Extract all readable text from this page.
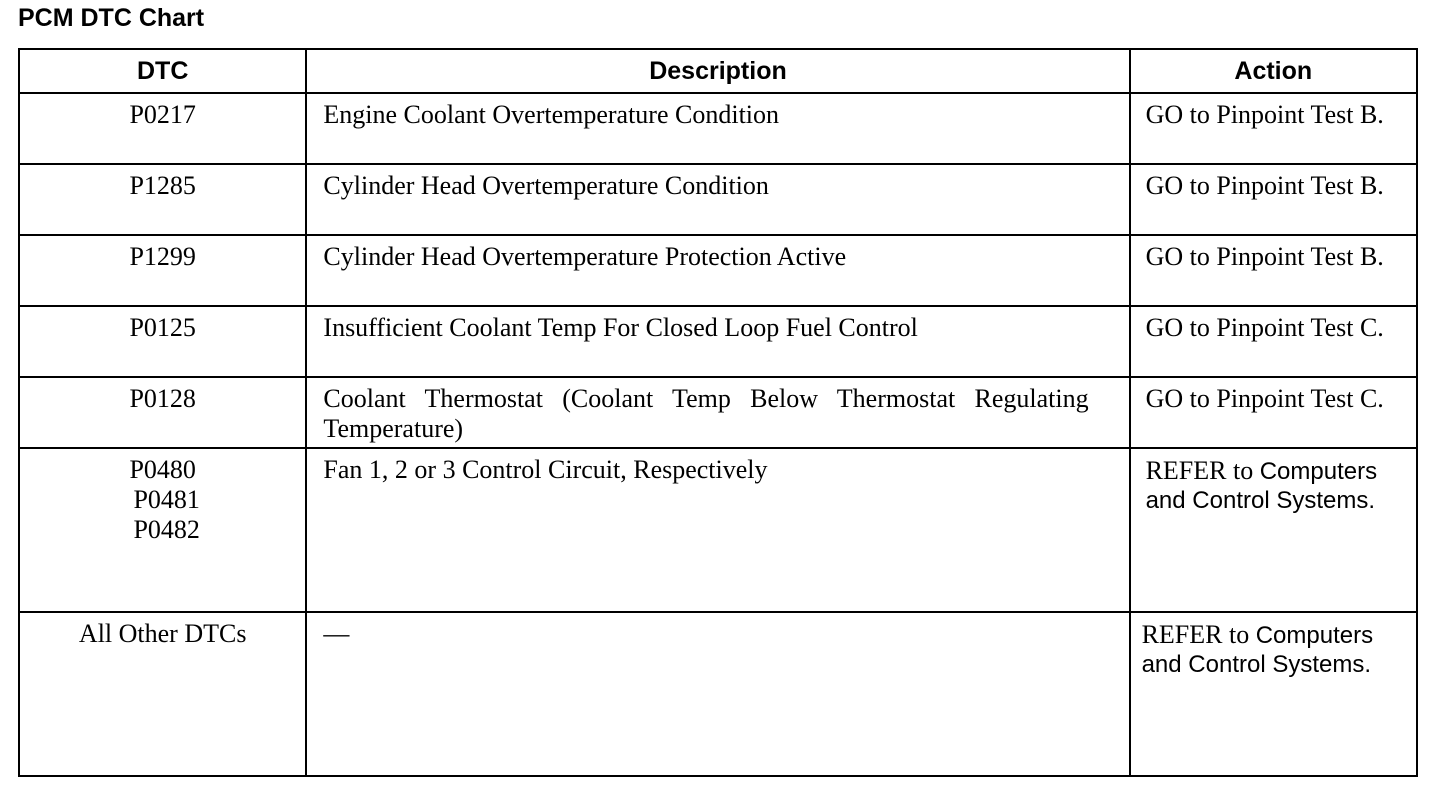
PCM DTC Chart
DTC	Description	Action

P0217	Engine Coolant Overtemperature Condition	GO to Pinpoint Test B.

P1285	Cylinder Head Overtemperature Condition	GO to Pinpoint Test B.

P1299	Cylinder Head Overtemperature Protection Active	GO to Pinpoint Test B.

P0125	Insufficient Coolant Temp For Closed Loop Fuel Control	GO to Pinpoint Test C.

P0128	Coolant Thermostat (Coolant Temp Below Thermostat Regulating Temperature)	GO to Pinpoint Test C.

P0480
P0481
P0482	Fan 1, 2 or 3 Control Circuit, Respectively	REFER to Computers and Control Systems.

All Other DTCs	—	REFER to Computers and Control Systems.
